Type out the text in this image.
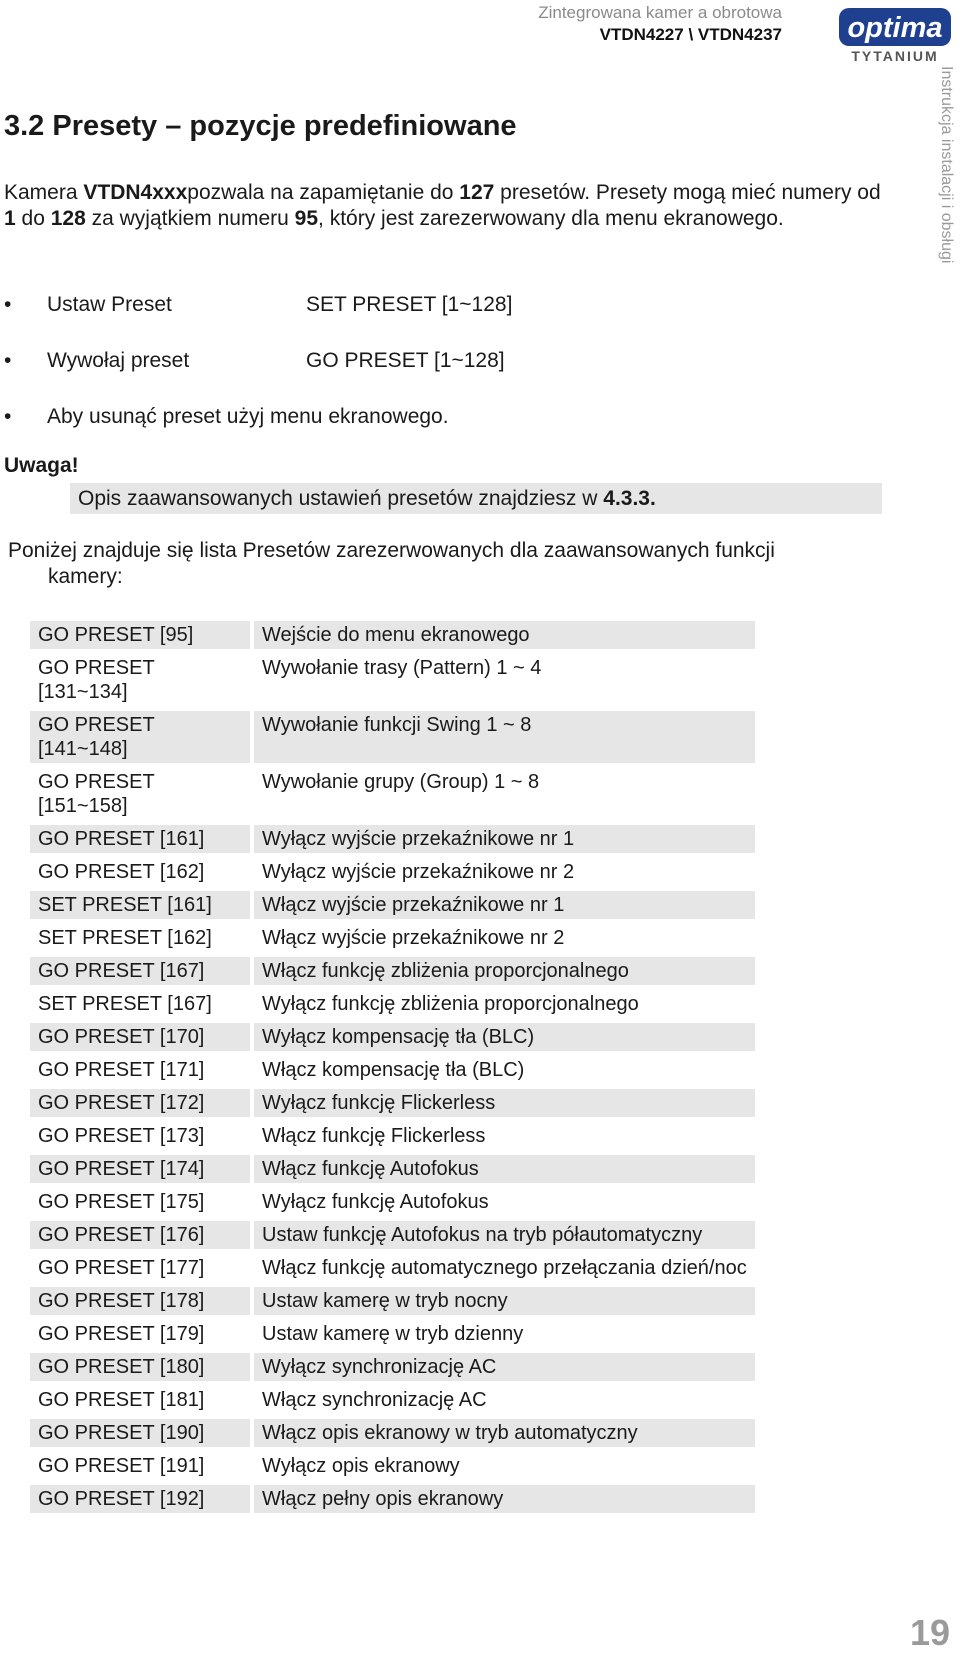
Zintegrowana kamer a obrotowa
VTDN4227 \ VTDN4237 optima
TYTANIUM
Instrukcja instalacji i obsługi
3.2 Presety – pozycje predefiniowane

Kamera VTDN4xxxpozwala na zapamiętanie do 127 presetów. Presety mogą mieć numery od 1 do 128 za wyjątkiem numeru 95, który jest zarezerwowany dla menu ekranowego.

•	Ustaw Preset	SET PRESET [1~128]
•	Wywołaj preset	GO PRESET [1~128]
•	Aby usunąć preset użyj menu ekranowego.
Uwaga!
Opis zaawansowanych ustawień presetów znajdziesz w 4.3.3.

Poniżej znajduje się lista Presetów zarezerwowanych dla zaawansowanych funkcji
kamery:

GO PRESET [95]		Wejście do menu ekranowego
GO PRESET [131~134]		Wywołanie trasy (Pattern) 1 ~ 4
GO PRESET [141~148]		Wywołanie funkcji Swing 1 ~ 8
GO PRESET [151~158]		Wywołanie grupy (Group) 1 ~ 8
GO PRESET [161]		Wyłącz wyjście przekaźnikowe nr 1
GO PRESET [162]		Wyłącz wyjście przekaźnikowe nr 2
SET PRESET [161]		Włącz wyjście przekaźnikowe nr 1
SET PRESET [162]		Włącz wyjście przekaźnikowe nr 2
GO PRESET [167]		Włącz funkcję zbliżenia proporcjonalnego
SET PRESET [167]		Wyłącz funkcję zbliżenia proporcjonalnego
GO PRESET [170]		Wyłącz kompensację tła (BLC)
GO PRESET [171]		Włącz kompensację tła (BLC)
GO PRESET [172]		Wyłącz funkcję Flickerless
GO PRESET [173]		Włącz funkcję Flickerless
GO PRESET [174]		Włącz funkcję Autofokus
GO PRESET [175]		Wyłącz funkcję Autofokus
GO PRESET [176]		Ustaw funkcję Autofokus na tryb półautomatyczny
GO PRESET [177]		Włącz funkcję automatycznego przełączania dzień/noc
GO PRESET [178]		Ustaw kamerę w tryb nocny
GO PRESET [179]		Ustaw kamerę w tryb dzienny
GO PRESET [180]		Wyłącz synchronizację AC
GO PRESET [181]		Włącz synchronizację AC
GO PRESET [190]		Włącz opis ekranowy w tryb automatyczny
GO PRESET [191]		Wyłącz opis ekranowy
GO PRESET [192]		Włącz pełny opis ekranowy
19
